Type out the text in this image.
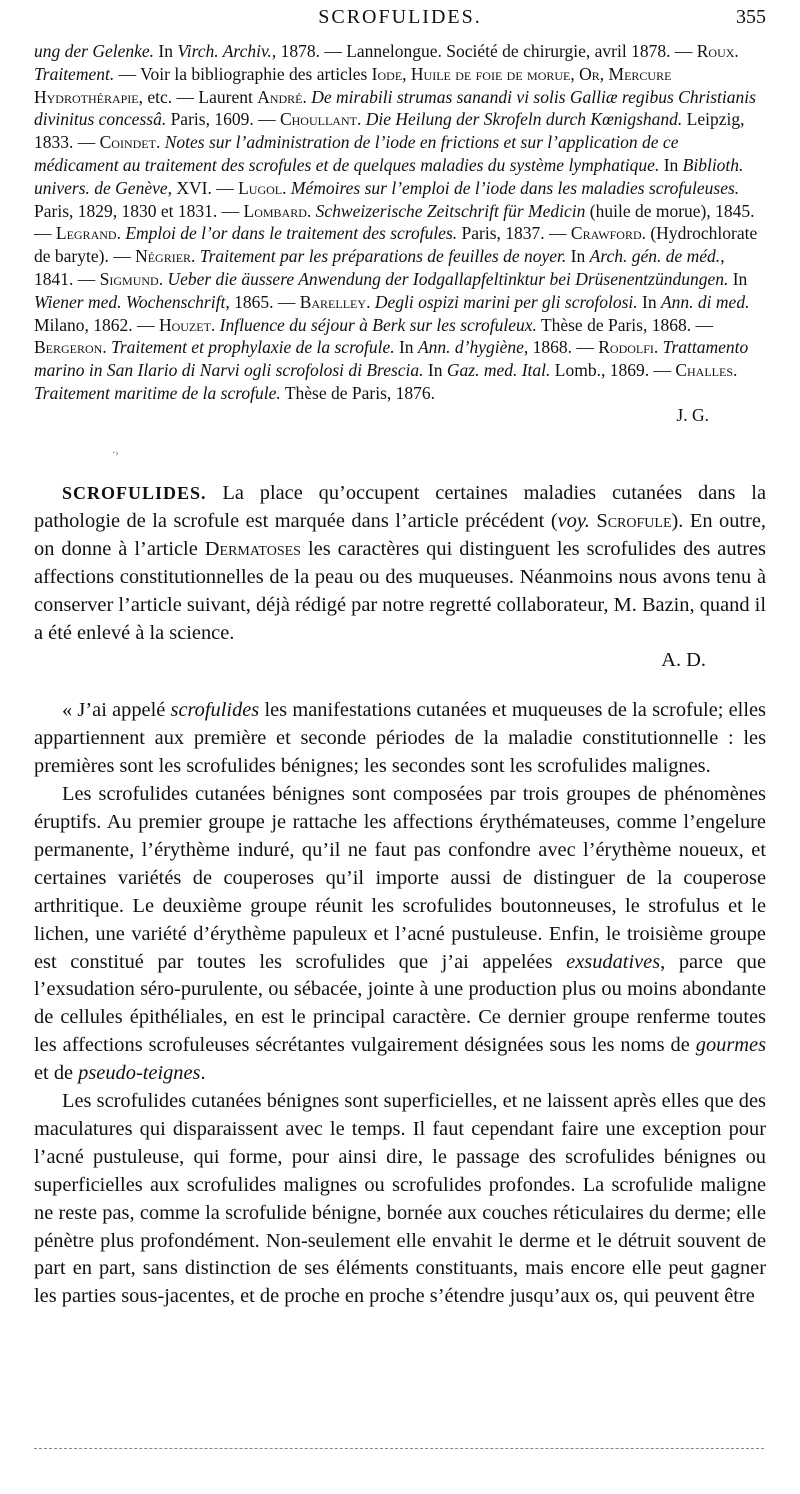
SCROFULIDES.	355

ung der Gelenke. In Virch. Archiv., 1878. — Lannelongue. Société de chirurgie, avril 1878. — Roux.

Traitement. — Voir la bibliographie des articles Iode, Huile de foie de morue, Or, Mercure Hydrothérapie, etc. — Laurent André. De mirabili strumas sanandi vi solis Galliæ regibus Christianis divinitus concessâ. Paris, 1609. — Choullant. Die Heilung der Skrofeln durch Kœnigshand. Leipzig, 1833. — Coindet. Notes sur l’administration de l’iode en frictions et sur l’application de ce médicament au traitement des scrofules et de quelques maladies du système lymphatique. In Biblioth. univers. de Genève, XVI. — Lugol. Mémoires sur l’emploi de l’iode dans les maladies scrofuleuses. Paris, 1829, 1830 et 1831. — Lombard. Schweizerische Zeitschrift für Medicin (huile de morue), 1845. — Legrand. Emploi de l’or dans le traitement des scrofules. Paris, 1837. — Crawford. (Hydrochlorate de baryte). — Négrier. Traitement par les préparations de feuilles de noyer. In Arch. gén. de méd., 1841. — Sigmund. Ueber die äussere Anwendung der Iodgallapfeltinktur bei Drüsenentzündungen. In Wiener med. Wochenschrift, 1865. — Barelley. Degli ospizi marini per gli scrofolosi. In Ann. di med. Milano, 1862. — Houzet. Influence du séjour à Berk sur les scrofuleux. Thèse de Paris, 1868. — Bergeron. Traitement et prophylaxie de la scrofule. In Ann. d’hygiène, 1868. — Rodolfi. Trattamento marino in San Ilario di Narvi ogli scrofolosi di Brescia. In Gaz. med. Ital. Lomb., 1869. — Challes. Traitement maritime de la scrofule. Thèse de Paris, 1876.

J. G.

·›

SCROFULIDES. La place qu’occupent certaines maladies cutanées dans la pathologie de la scrofule est marquée dans l’article précédent (voy. Scrofule). En outre, on donne à l’article Dermatoses les caractères qui distinguent les scrofulides des autres affections constitutionnelles de la peau ou des muqueuses. Néanmoins nous avons tenu à conserver l’article suivant, déjà rédigé par notre regretté collaborateur, M. Bazin, quand il a été enlevé à la science.

A. D.

« J’ai appelé scrofulides les manifestations cutanées et muqueuses de la scrofule; elles appartiennent aux première et seconde périodes de la maladie constitutionnelle : les premières sont les scrofulides bénignes; les secondes sont les scrofulides malignes.

Les scrofulides cutanées bénignes sont composées par trois groupes de phénomènes éruptifs. Au premier groupe je rattache les affections érythémateuses, comme l’engelure permanente, l’érythème induré, qu’il ne faut pas confondre avec l’érythème noueux, et certaines variétés de couperoses qu’il importe aussi de distinguer de la couperose arthritique. Le deuxième groupe réunit les scrofulides boutonneuses, le strofulus et le lichen, une variété d’érythème papuleux et l’acné pustuleuse. Enfin, le troisième groupe est constitué par toutes les scrofulides que j’ai appelées exsudatives, parce que l’exsudation séro-purulente, ou sébacée, jointe à une production plus ou moins abondante de cellules épithéliales, en est le principal caractère. Ce dernier groupe renferme toutes les affections scrofuleuses sécrétantes vulgairement désignées sous les noms de gourmes et de pseudo-teignes.

Les scrofulides cutanées bénignes sont superficielles, et ne laissent après elles que des maculatures qui disparaissent avec le temps. Il faut cependant faire une exception pour l’acné pustuleuse, qui forme, pour ainsi dire, le passage des scrofulides bénignes ou superficielles aux scrofulides malignes ou scrofulides profondes. La scrofulide maligne ne reste pas, comme la scrofulide bénigne, bornée aux couches réticulaires du derme; elle pénètre plus profondément. Non-seulement elle envahit le derme et le détruit souvent de part en part, sans distinction de ses éléments constituants, mais encore elle peut gagner les parties sous-jacentes, et de proche en proche s’étendre jusqu’aux os, qui peuvent être
